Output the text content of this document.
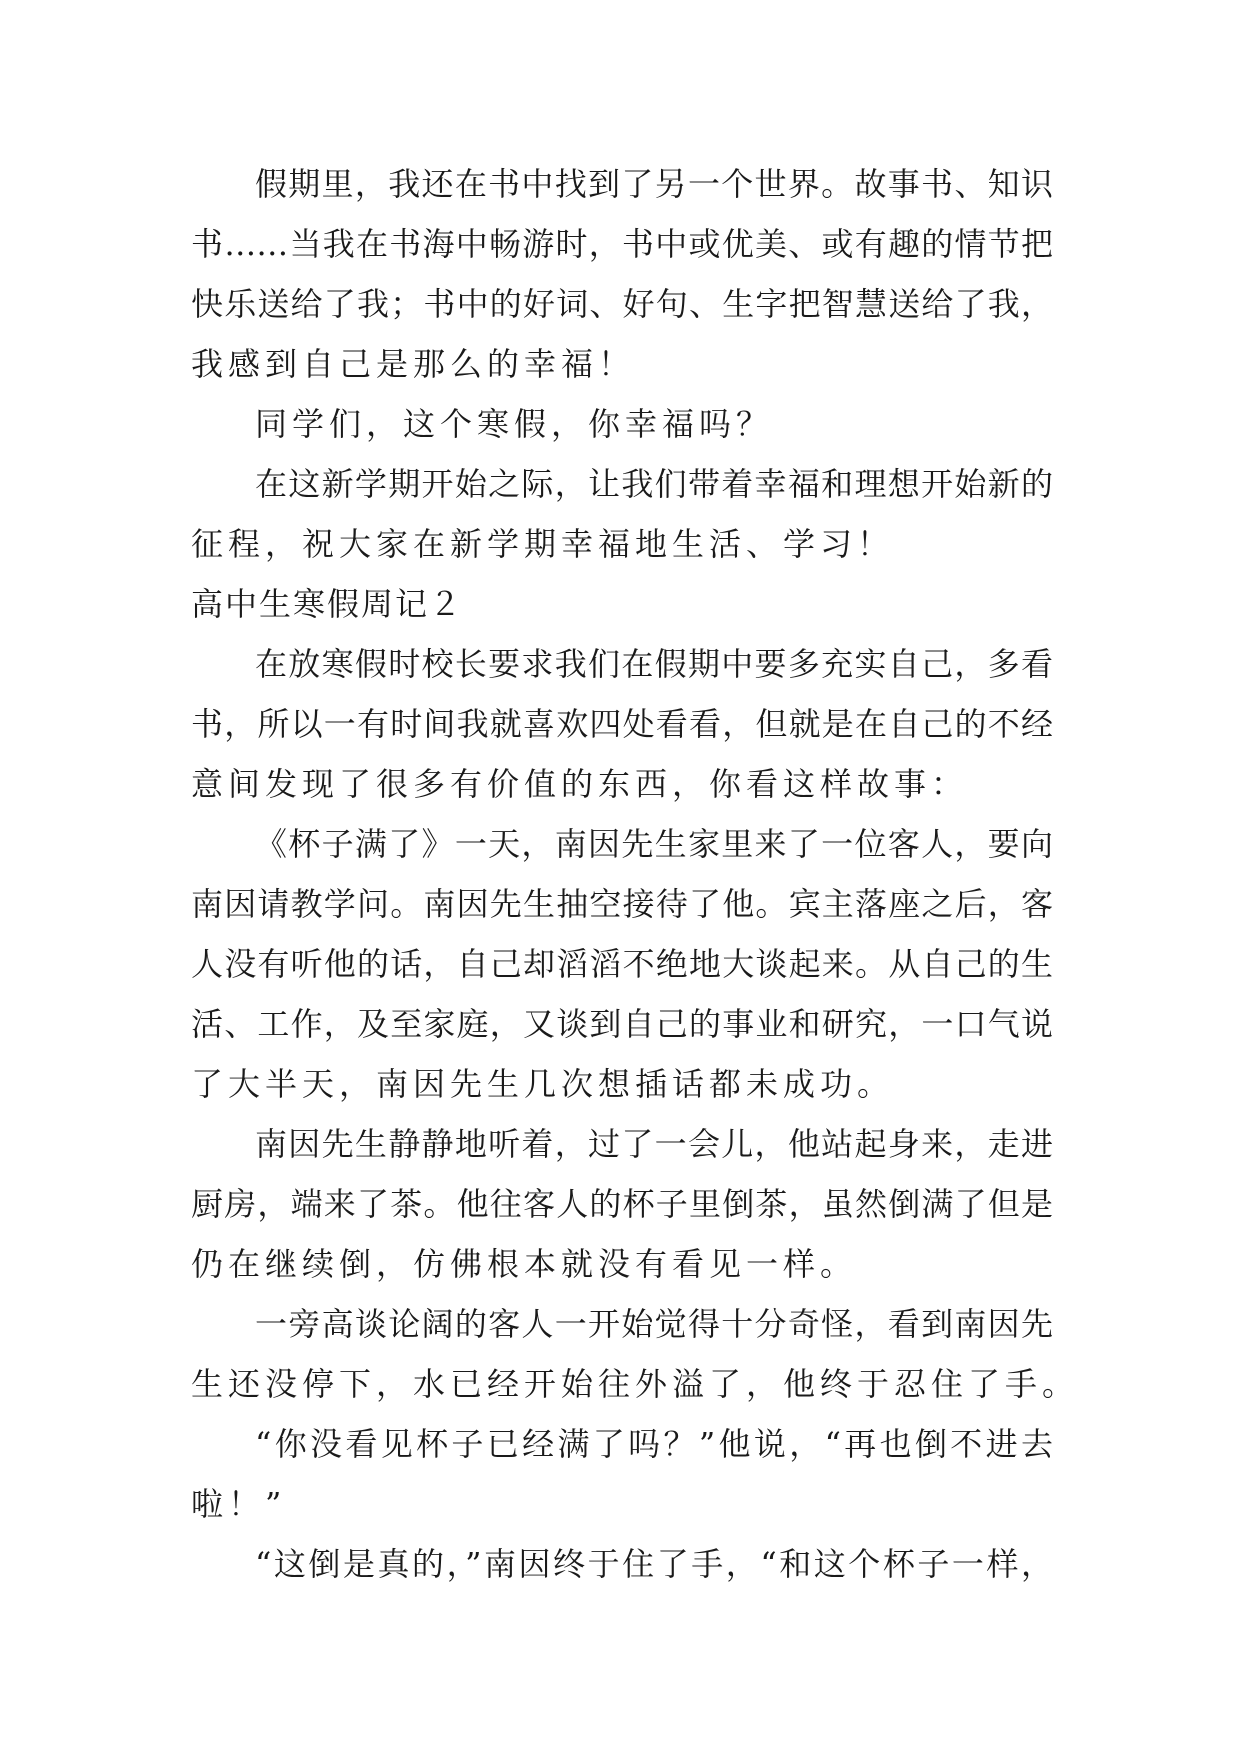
假期里，我还在书中找到了另一个世界。故事书、知识
书……当我在书海中畅游时，书中或优美、或有趣的情节把
快乐送给了我；书中的好词、好句、生字把智慧送给了我，
我感到自己是那么的幸福！
同学们，这个寒假，你幸福吗？
在这新学期开始之际，让我们带着幸福和理想开始新的
征程，祝大家在新学期幸福地生活、学习！
高中生寒假周记２
在放寒假时校长要求我们在假期中要多充实自己，多看
书，所以一有时间我就喜欢四处看看，但就是在自己的不经
意间发现了很多有价值的东西，你看这样故事：
《杯子满了》一天，南因先生家里来了一位客人，要向
南因请教学问。南因先生抽空接待了他。宾主落座之后，客
人没有听他的话，自己却滔滔不绝地大谈起来。从自己的生
活、工作，及至家庭，又谈到自己的事业和研究，一口气说
了大半天，南因先生几次想插话都未成功。
南因先生静静地听着，过了一会儿，他站起身来，走进
厨房，端来了茶。他往客人的杯子里倒茶，虽然倒满了但是
仍在继续倒，仿佛根本就没有看见一样。
一旁高谈论阔的客人一开始觉得十分奇怪，看到南因先
生还没停下，水已经开始往外溢了，他终于忍住了手。
“你没看见杯子已经满了吗？”他说，“再也倒不进去
啦！”
“这倒是真的，”南因终于住了手，“和这个杯子一样，
